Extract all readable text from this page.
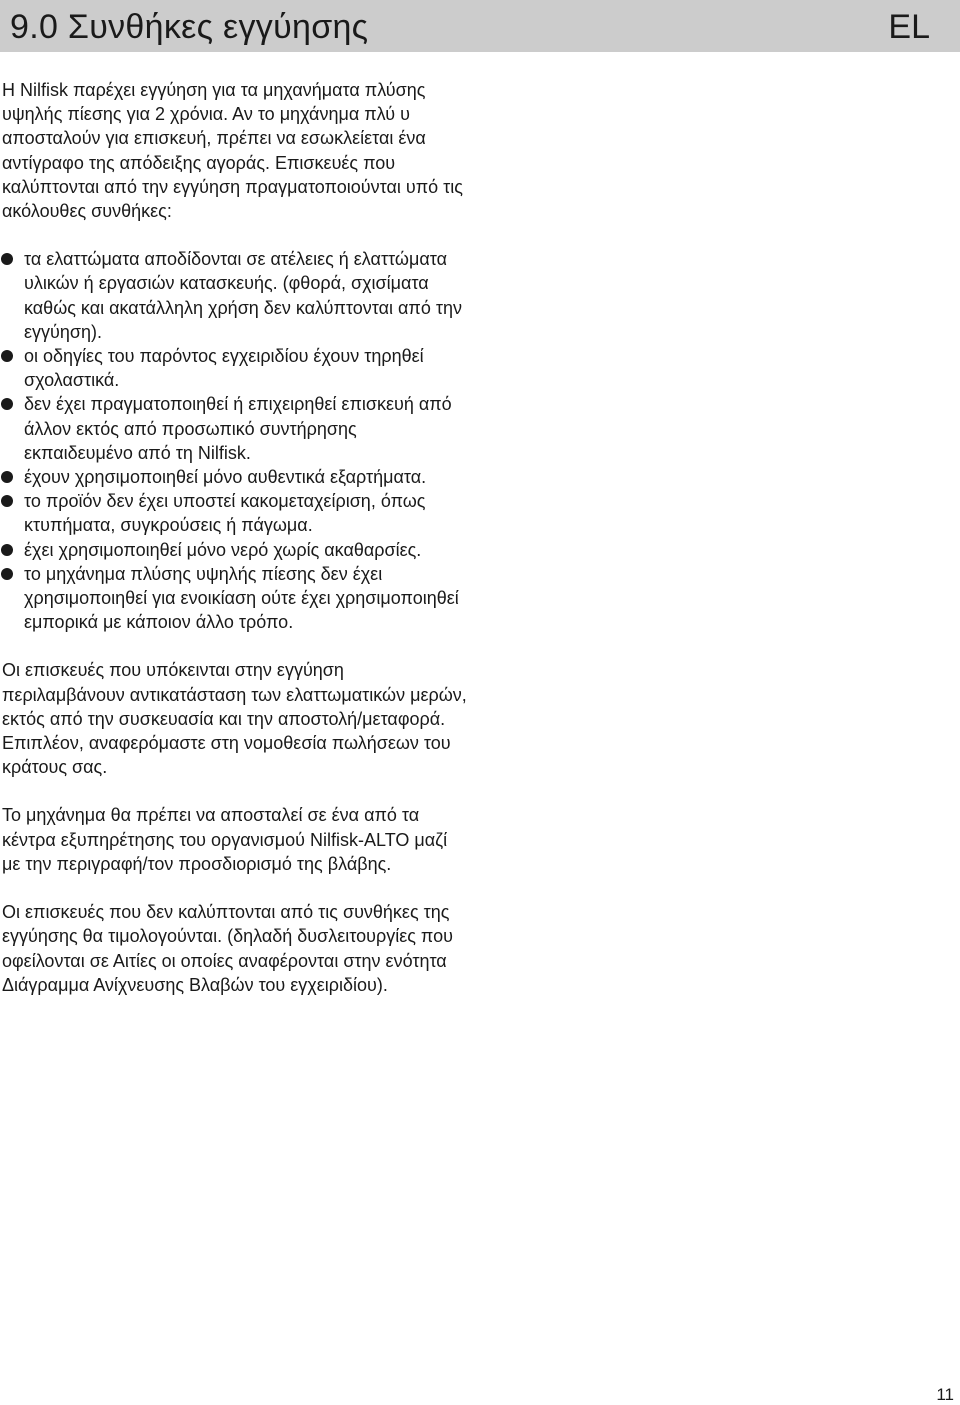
9.0 Συνθήκες εγγύησης	EL

Η Nilfisk παρέχει εγγύηση για τα μηχανήματα πλύσης υψηλής πίεσης για 2 χρόνια. Αν το μηχάνημα πλύ υ αποσταλούν για επισκευή, πρέπει να εσωκλείεται ένα αντίγραφο της απόδειξης αγοράς. Επισκευές που καλύπτονται από την εγγύηση πραγματοποιούνται υπό τις ακόλουθες συνθήκες:

τα ελαττώματα αποδίδονται σε ατέλειες ή ελαττώματα υλικών ή εργασιών κατασκευής. (φθορά, σχισίματα καθώς και ακατάλληλη χρήση δεν καλύπτονται από την εγγύηση).
οι οδηγίες του παρόντος εγχειριδίου έχουν τηρηθεί σχολαστικά.
δεν έχει πραγματοποιηθεί ή επιχειρηθεί επισκευή από άλλον εκτός από προσωπικό συντήρησης εκπαιδευμένο από τη Nilfisk.
έχουν χρησιμοποιηθεί μόνο αυθεντικά εξαρτήματα.
το προϊόν δεν έχει υποστεί κακομεταχείριση, όπως κτυπήματα, συγκρούσεις ή πάγωμα.
έχει χρησιμοποιηθεί μόνο νερό χωρίς ακαθαρσίες.
το μηχάνημα πλύσης υψηλής πίεσης δεν έχει χρησιμοποιηθεί για ενοικίαση ούτε έχει χρησιμοποιηθεί εμπορικά με κάποιον άλλο τρόπο.

Οι επισκευές που υπόκεινται στην εγγύηση περιλαμβάνουν αντικατάσταση των ελαττωματικών μερών, εκτός από την συσκευασία και την αποστολή/μεταφορά. Επιπλέον, αναφερόμαστε στη νομοθεσία πωλήσεων του κράτους σας.

Το μηχάνημα θα πρέπει να αποσταλεί σε ένα από τα κέντρα εξυπηρέτησης του οργανισμού Nilfisk-ALTO μαζί με την περιγραφή/τον προσδιορισμό της βλάβης.

Οι επισκευές που δεν καλύπτονται από τις συνθήκες της εγγύησης θα τιμολογούνται. (δηλαδή δυσλειτουργίες που οφείλονται σε Αιτίες οι οποίες αναφέρονται στην ενότητα Διάγραμμα Ανίχνευσης Βλαβών του εγχειριδίου).

11
